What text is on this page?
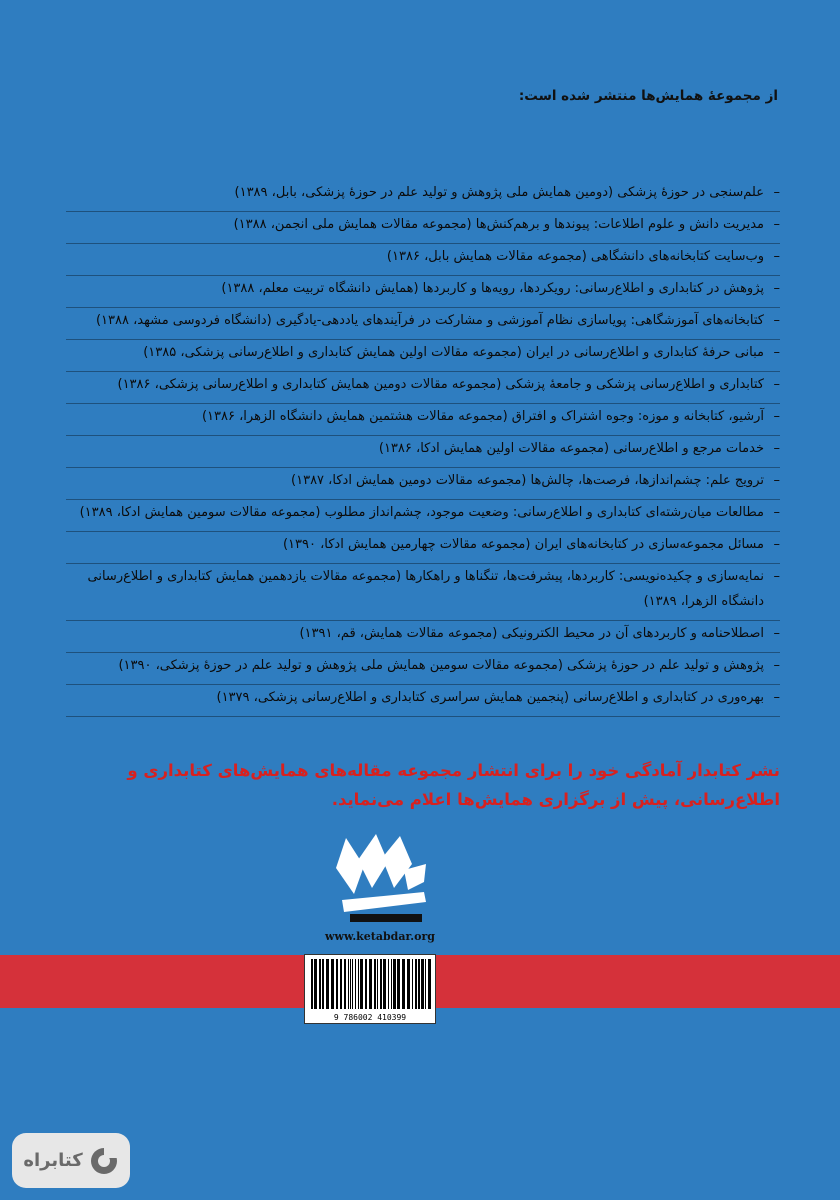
از مجموعهٔ همایش‌ها منتشر شده است:
– علم‌سنجی در حوزهٔ پزشکی (دومین همایش ملی پژوهش و تولید علم در حوزهٔ پزشکی، بابل، ۱۳۸۹)
– مدیریت دانش و علوم اطلاعات: پیوندها و برهم‌کنش‌ها (مجموعه مقالات همایش ملی انجمن، ۱۳۸۸)
– وب‌سایت کتابخانه‌های دانشگاهی (مجموعه مقالات همایش بابل، ۱۳۸۶)
– پژوهش در کتابداری و اطلاع‌رسانی: رویکردها، رویه‌ها و کاربردها (همایش دانشگاه تربیت معلم، ۱۳۸۸)
– کتابخانه‌های آموزشگاهی: پویاسازی نظام آموزشی و مشارکت در فرآیندهای یاددهی-یادگیری (دانشگاه فردوسی مشهد، ۱۳۸۸)
– مبانی حرفهٔ کتابداری و اطلاع‌رسانی در ایران (مجموعه مقالات اولین همایش کتابداری و اطلاع‌رسانی پزشکی، ۱۳۸۵)
– کتابداری و اطلاع‌رسانی پزشکی و جامعهٔ پزشکی (مجموعه مقالات دومین همایش کتابداری و اطلاع‌رسانی پزشکی، ۱۳۸۶)
– آرشیو، کتابخانه و موزه: وجوه اشتراک و افتراق (مجموعه مقالات هشتمین همایش دانشگاه الزهرا، ۱۳۸۶)
– خدمات مرجع و اطلاع‌رسانی (مجموعه مقالات اولین همایش ادکا، ۱۳۸۶)
– ترویج علم: چشم‌اندازها، فرصت‌ها، چالش‌ها (مجموعه مقالات دومین همایش ادکا، ۱۳۸۷)
– مطالعات میان‌رشته‌ای کتابداری و اطلاع‌رسانی: وضعیت موجود، چشم‌انداز مطلوب (مجموعه مقالات سومین همایش ادکا، ۱۳۸۹)
– مسائل مجموعه‌سازی در کتابخانه‌های ایران (مجموعه مقالات چهارمین همایش ادکا، ۱۳۹۰)
– نمایه‌سازی و چکیده‌نویسی: کاربردها، پیشرفت‌ها، تنگناها و راهکارها (مجموعه مقالات یازدهمین همایش کتابداری و اطلاع‌رسانی دانشگاه الزهرا، ۱۳۸۹)
– اصطلاحنامه و کاربردهای آن در محیط الکترونیکی (مجموعه مقالات همایش، قم، ۱۳۹۱)
– پژوهش و تولید علم در حوزهٔ پزشکی (مجموعه مقالات سومین همایش ملی پژوهش و تولید علم در حوزهٔ پزشکی، ۱۳۹۰)
– بهره‌وری در کتابداری و اطلاع‌رسانی (پنجمین همایش سراسری کتابداری و اطلاع‌رسانی پزشکی، ۱۳۷۹)
نشر کتابدار آمادگی خود را برای انتشار مجموعه مقاله‌های همایش‌های کتابداری و اطلاع‌رسانی، پیش از برگزاری همایش‌ها اعلام می‌نماید.
www.ketabdar.org
9 786002 410399
کتابراه
